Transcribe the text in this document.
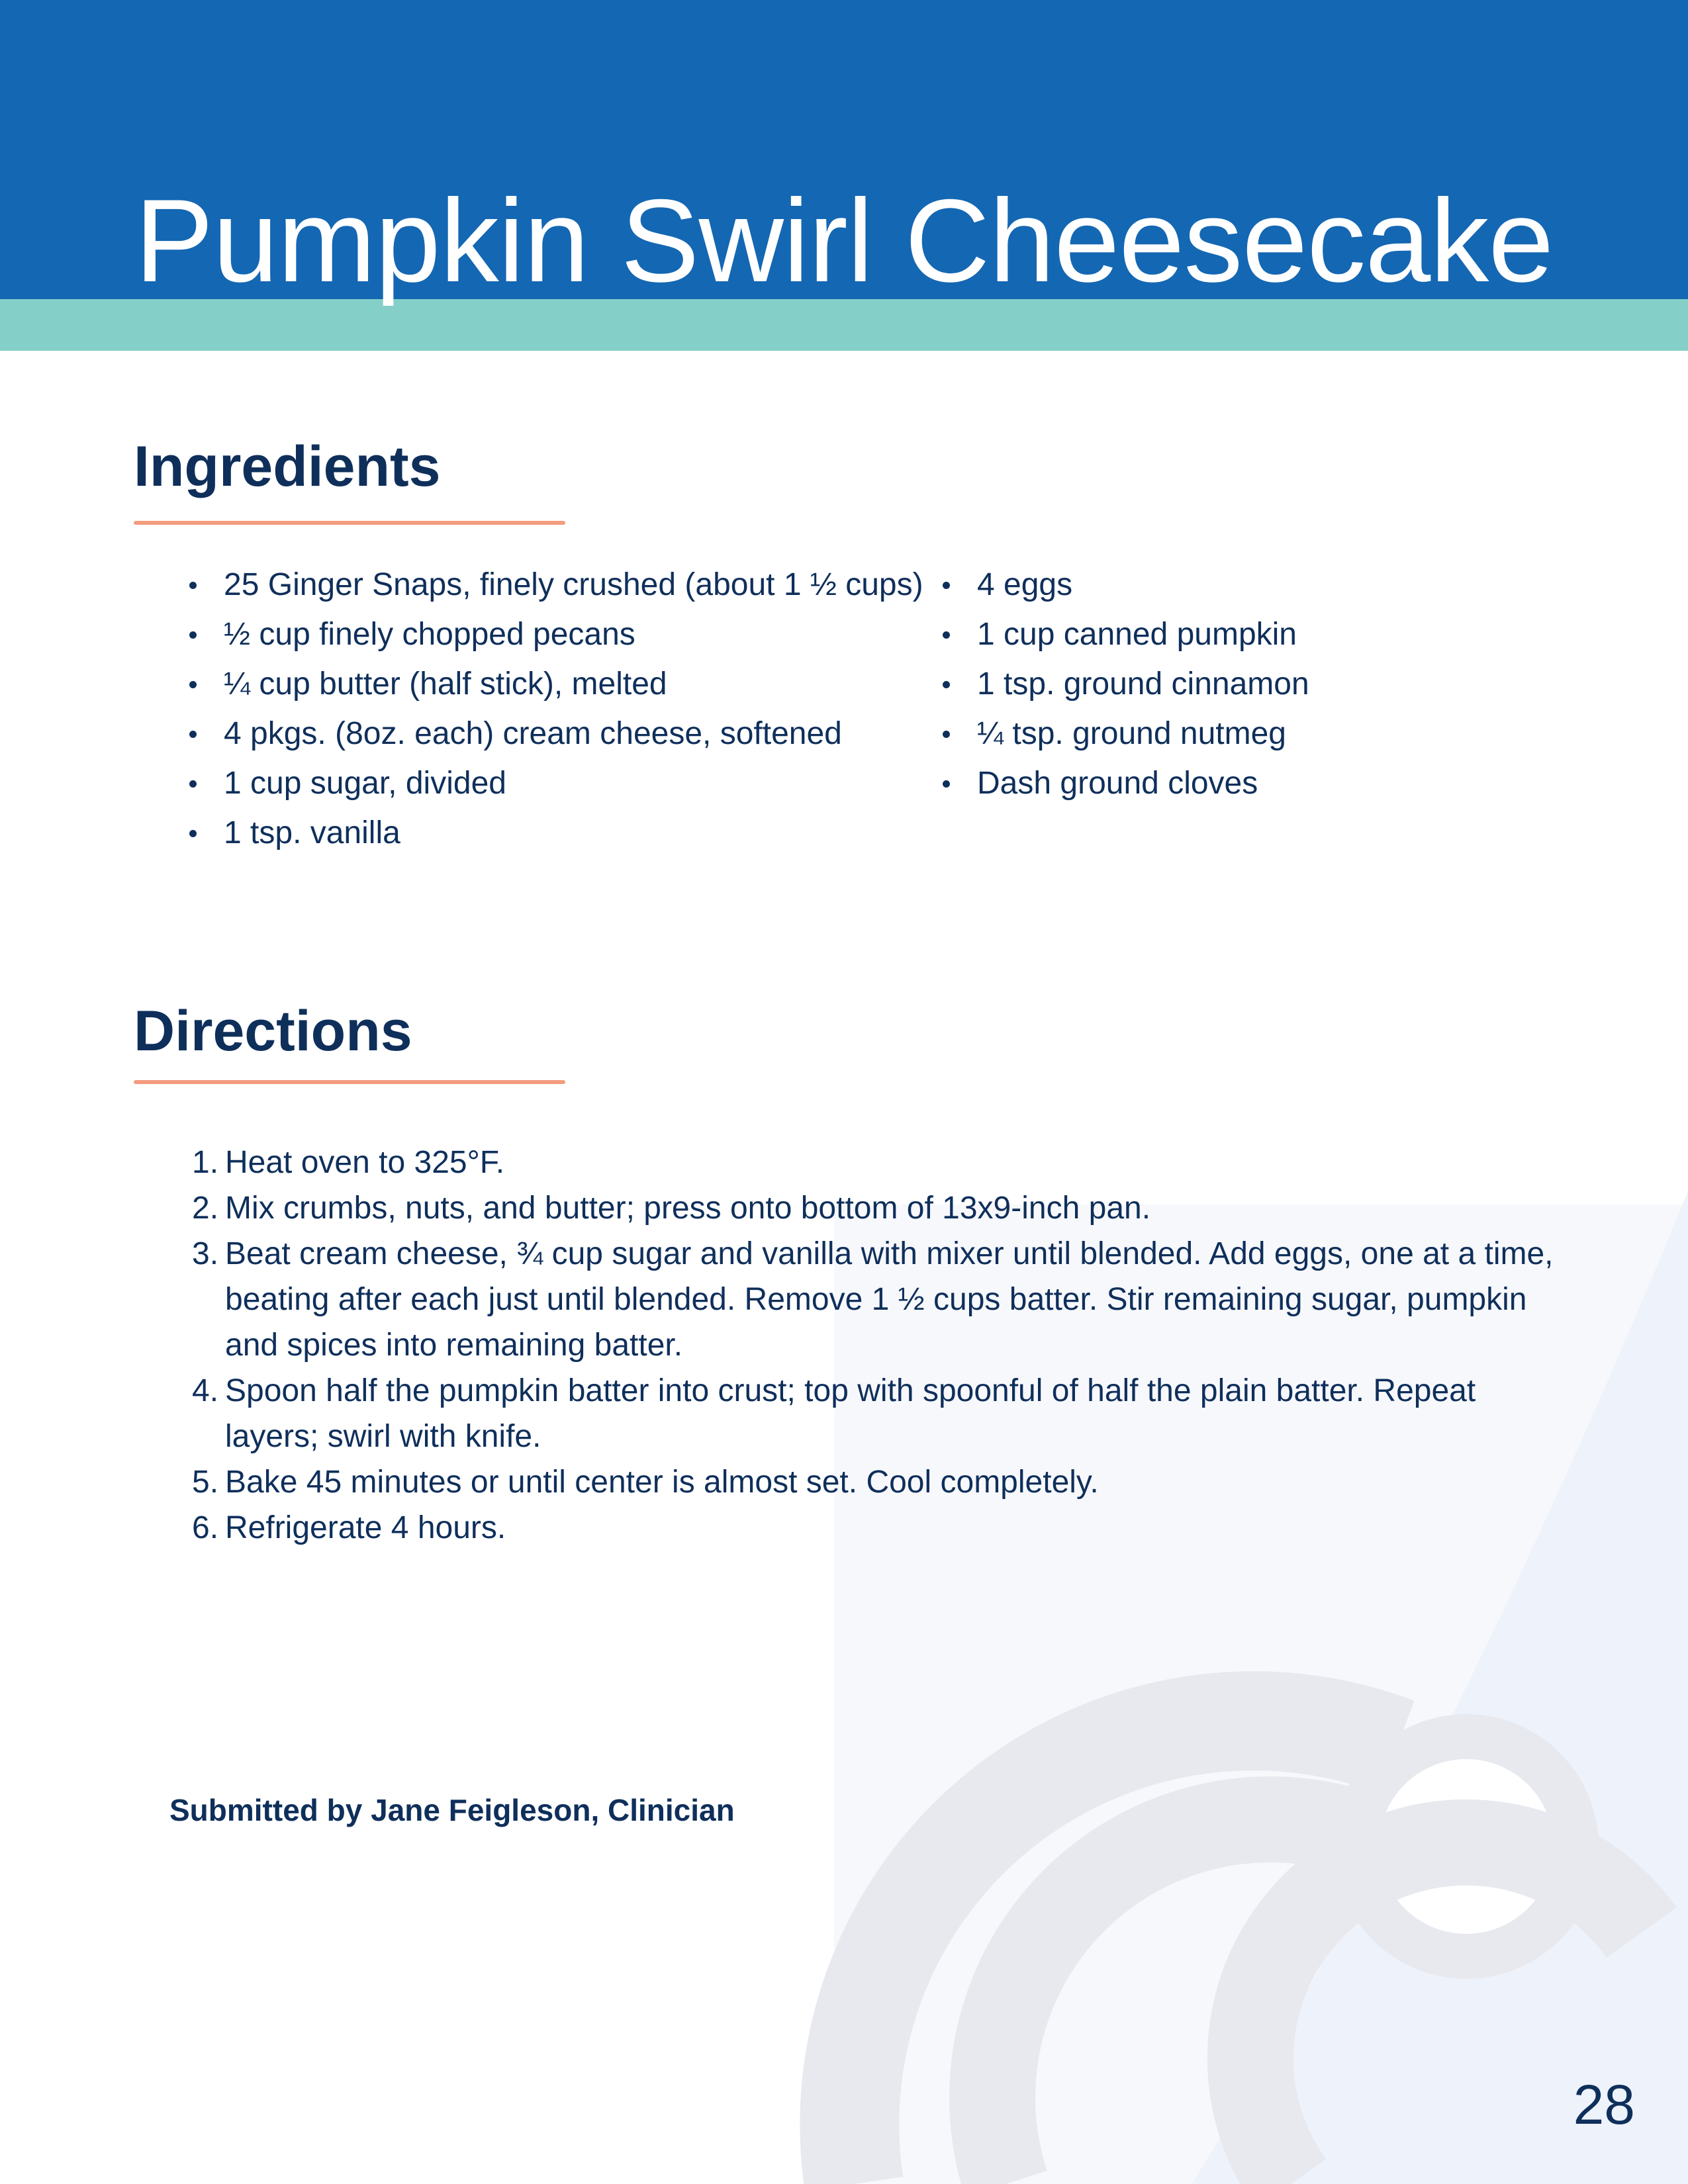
Pumpkin Swirl Cheesecake
Ingredients
25 Ginger Snaps, finely crushed (about 1 ½ cups)
½ cup finely chopped pecans
¼ cup butter (half stick), melted
4 pkgs. (8oz. each) cream cheese, softened
1 cup sugar, divided
1 tsp. vanilla
4 eggs
1 cup canned pumpkin
1 tsp. ground cinnamon
¼ tsp. ground nutmeg
Dash ground cloves
Directions
1. Heat oven to 325°F.
2. Mix crumbs, nuts, and butter; press onto bottom of 13x9-inch pan.
3. Beat cream cheese, ¾ cup sugar and vanilla with mixer until blended. Add eggs, one at a time, beating after each just until blended. Remove 1 ½ cups batter. Stir remaining sugar, pumpkin and spices into remaining batter.
4. Spoon half the pumpkin batter into crust; top with spoonful of half the plain batter. Repeat layers; swirl with knife.
5. Bake 45 minutes or until center is almost set. Cool completely.
6. Refrigerate 4 hours.
Submitted by Jane Feigleson, Clinician
28
